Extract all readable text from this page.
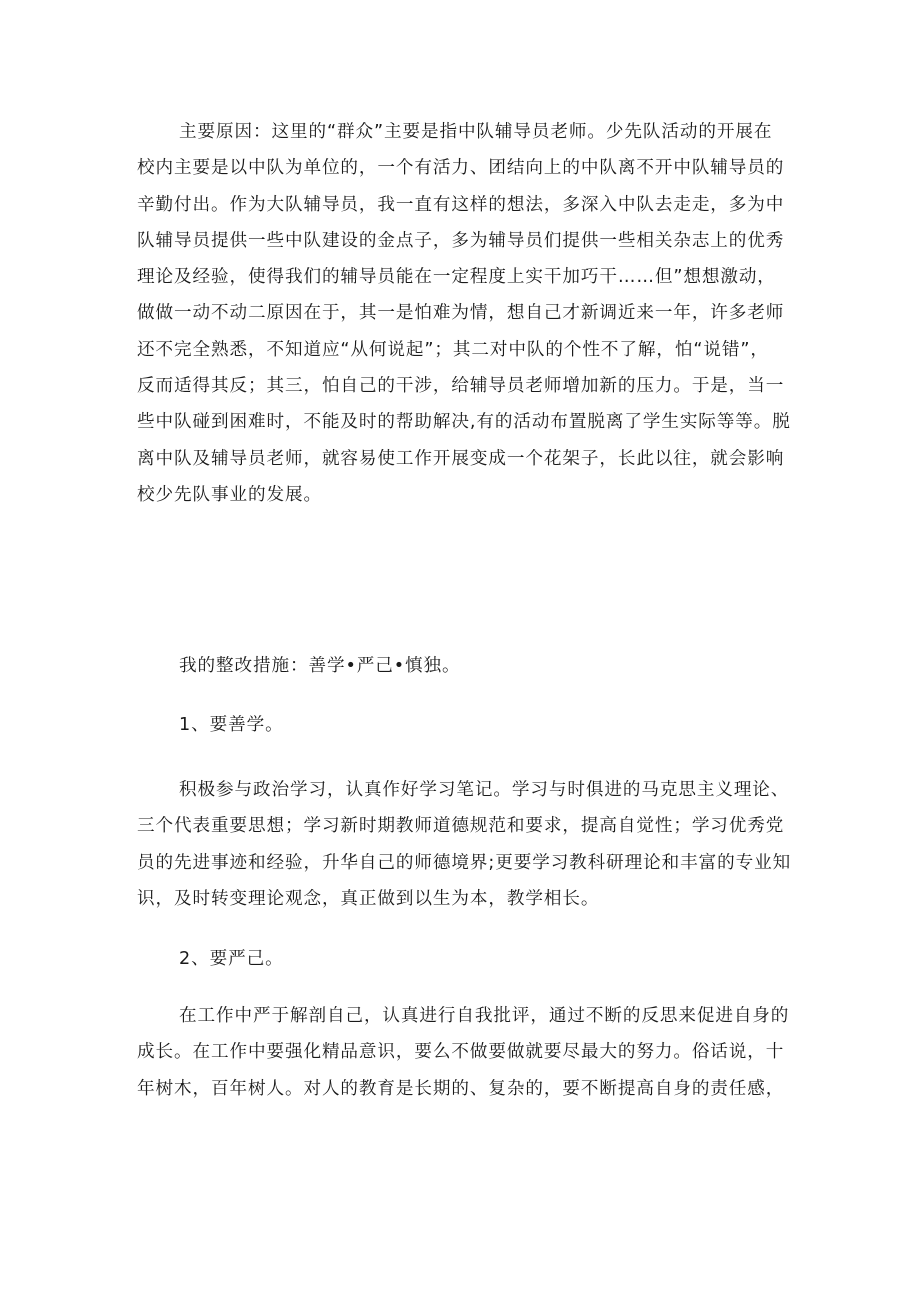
主要原因：这里的“群众”主要是指中队辅导员老师。少先队活动的开展在
校内主要是以中队为单位的，一个有活力、团结向上的中队离不开中队辅导员的
辛勤付出。作为大队辅导员，我一直有这样的想法，多深入中队去走走，多为中
队辅导员提供一些中队建设的金点子，多为辅导员们提供一些相关杂志上的优秀
理论及经验，使得我们的辅导员能在一定程度上实干加巧干……但”想想激动，
做做一动不动二原因在于，其一是怕难为情，想自己才新调近来一年，许多老师
还不完全熟悉，不知道应“从何说起”；其二对中队的个性不了解，怕“说错”，
反而适得其反；其三，怕自己的干涉，给辅导员老师增加新的压力。于是，当一
些中队碰到困难时，不能及时的帮助解决,有的活动布置脱离了学生实际等等。脱
离中队及辅导员老师，就容易使工作开展变成一个花架子，长此以往，就会影响
校少先队事业的发展。
我的整改措施：善学•严己•慎独。
1、要善学。
积极参与政治学习，认真作好学习笔记。学习与时俱进的马克思主义理论、
三个代表重要思想；学习新时期教师道德规范和要求，提高自觉性；学习优秀党
员的先进事迹和经验，升华自己的师德境界;更要学习教科研理论和丰富的专业知
识，及时转变理论观念，真正做到以生为本，教学相长。
2、要严己。
在工作中严于解剖自己，认真进行自我批评，通过不断的反思来促进自身的
成长。在工作中要强化精品意识，要么不做要做就要尽最大的努力。俗话说，十
年树木，百年树人。对人的教育是长期的、复杂的，要不断提高自身的责任感，
